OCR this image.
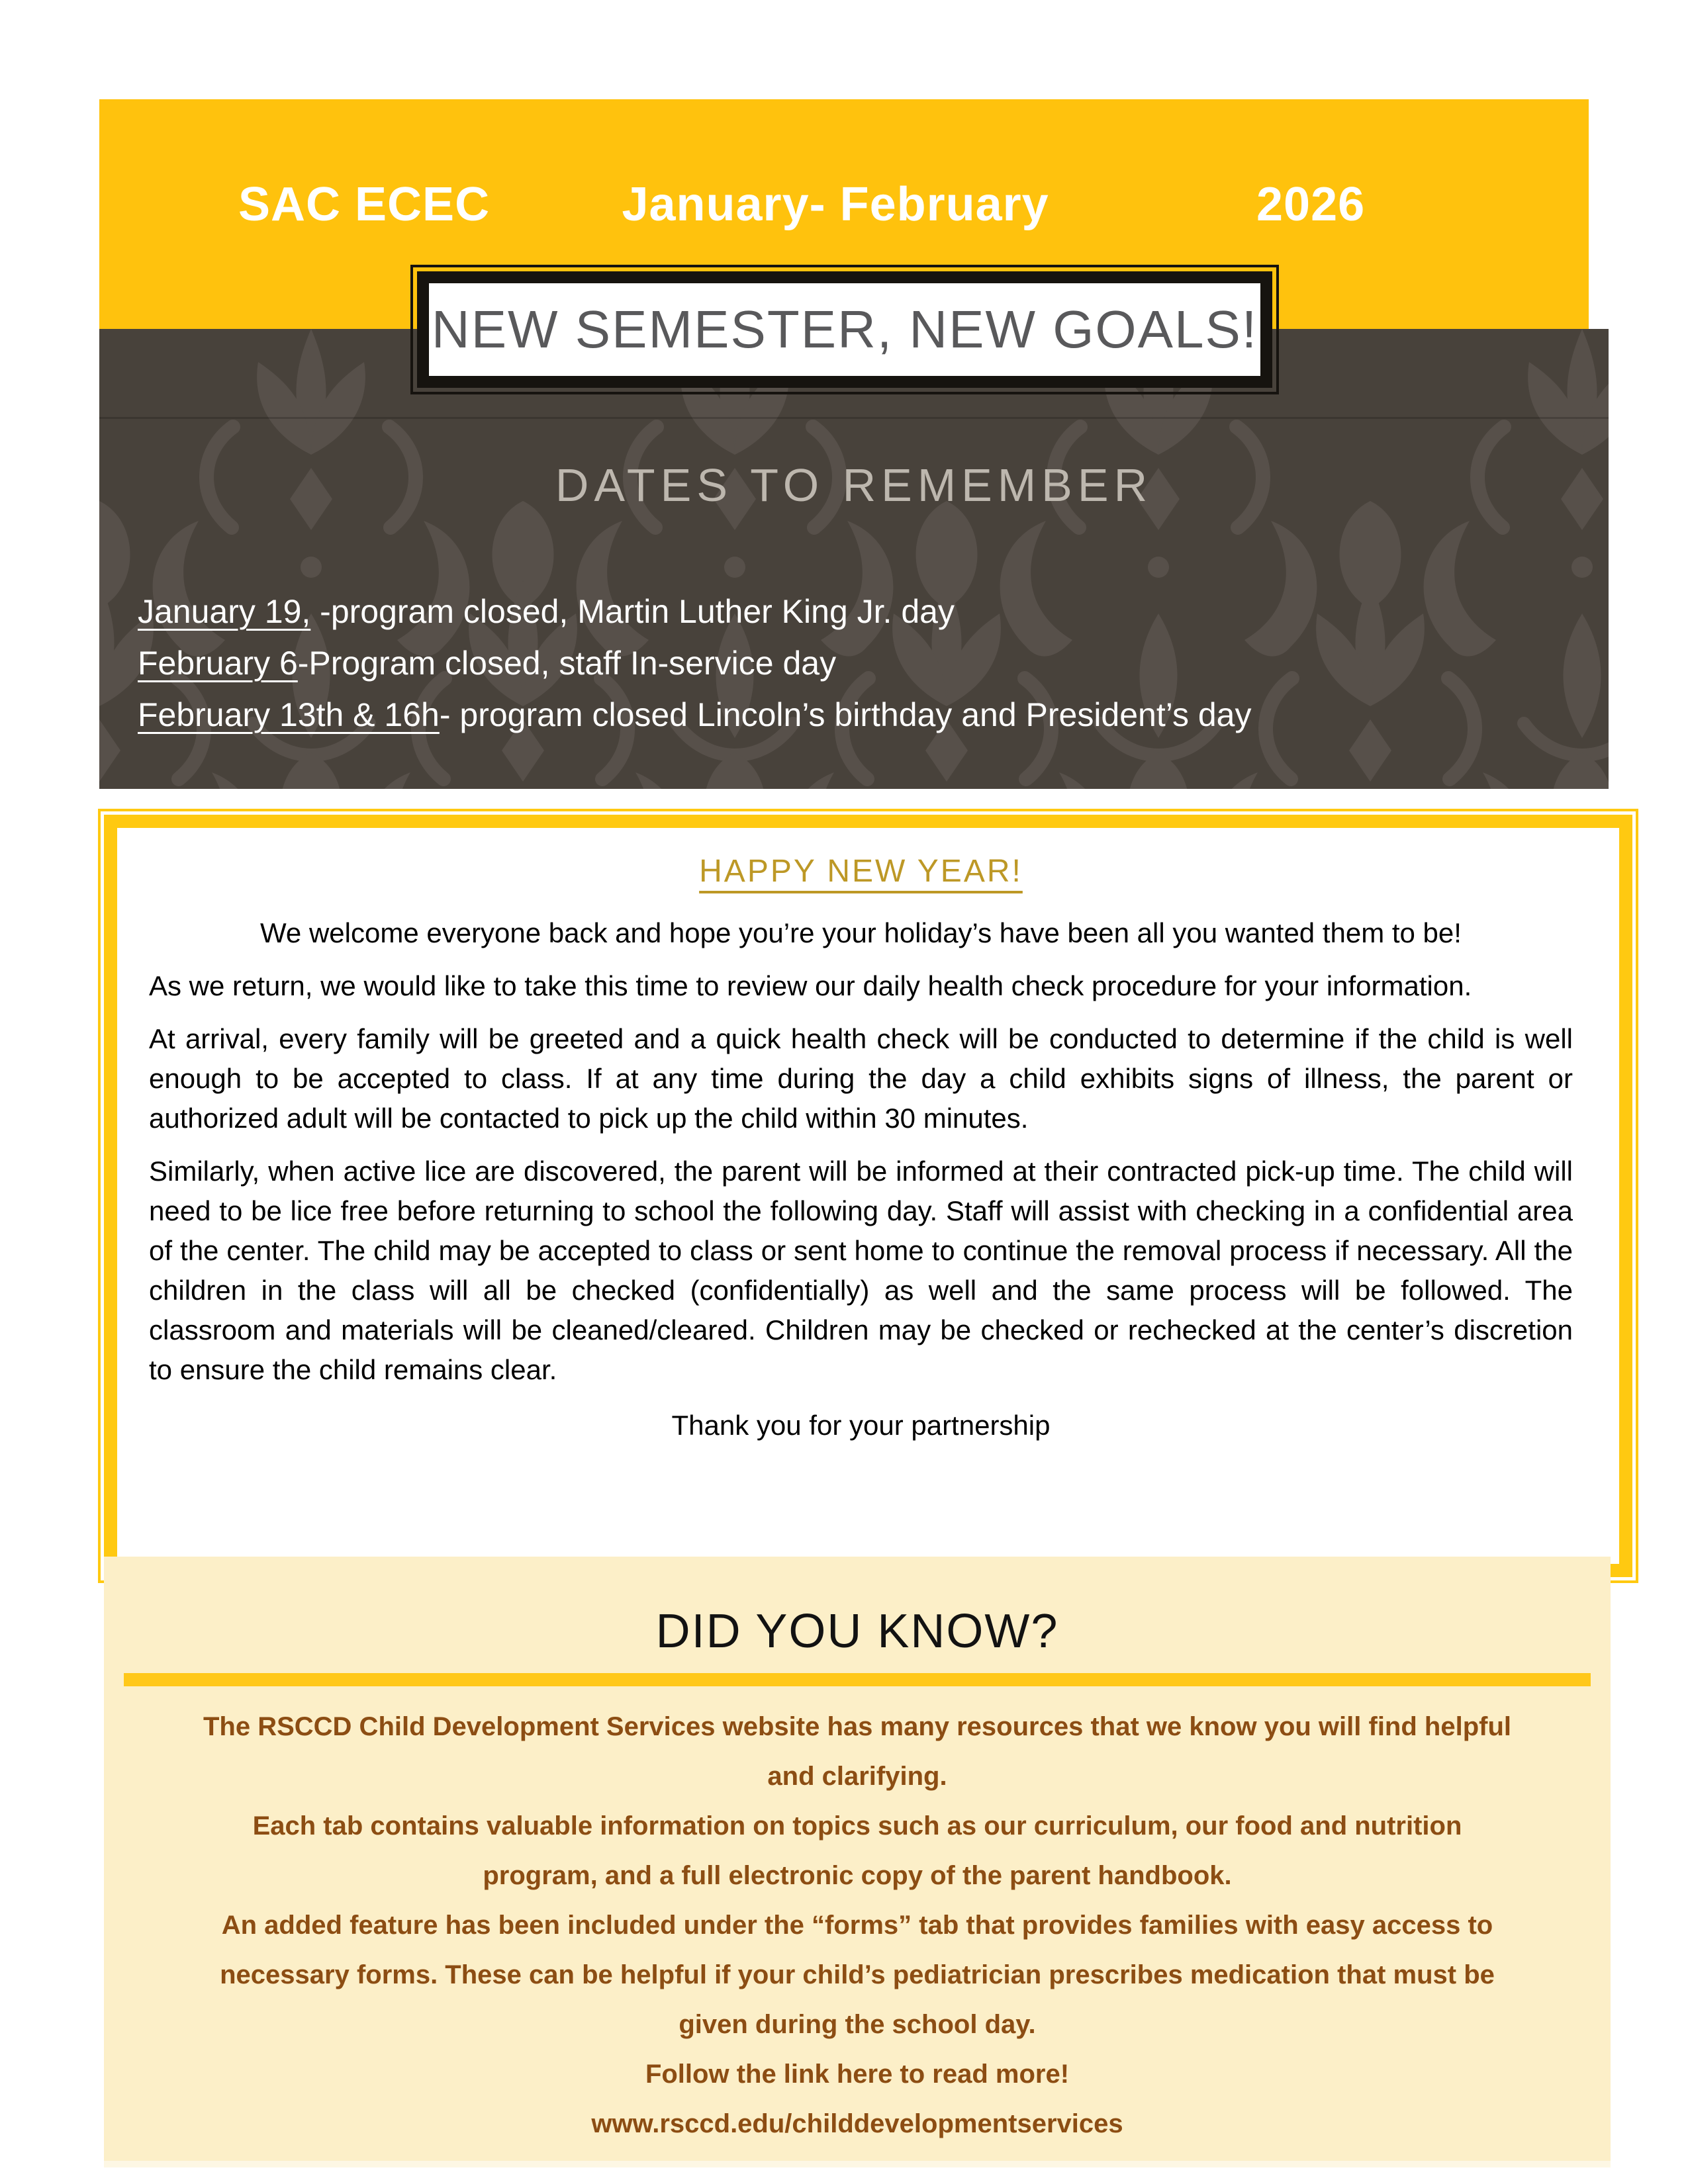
SAC ECEC	January- February	2026
DATES TO REMEMBER
January 19, -program closed, Martin Luther King Jr. day
February 6-Program closed, staff In-service day
February 13th & 16h- program closed Lincoln’s birthday and President’s day
NEW SEMESTER, NEW GOALS!
HAPPY NEW YEAR!
We welcome everyone back and hope you’re your holiday’s have been all you wanted them to be!
As we return, we would like to take this time to review our daily health check procedure for your information.
At arrival, every family will be greeted and a quick health check will be conducted to determine if the child is well enough to be accepted to class. If at any time during the day a child exhibits signs of illness, the parent or authorized adult will be contacted to pick up the child within 30 minutes.
Similarly, when active lice are discovered, the parent will be informed at their contracted pick-up time. The child will need to be lice free before returning to school the following day. Staff will assist with checking in a confidential area of the center. The child may be accepted to class or sent home to continue the removal process if necessary. All the children in the class will all be checked (confidentially) as well and the same process will be followed. The classroom and materials will be cleaned/cleared. Children may be checked or rechecked at the center’s discretion to ensure the child remains clear.
Thank you for your partnership
DID YOU KNOW?
The RSCCD Child Development Services website has many resources that we know you will find helpful
and clarifying.
Each tab contains valuable information on topics such as our curriculum, our food and nutrition
program, and a full electronic copy of the parent handbook.
An added feature has been included under the “forms” tab that provides families with easy access to
necessary forms. These can be helpful if your child’s pediatrician prescribes medication that must be
given during the school day.
Follow the link here to read more!
www.rsccd.edu/childdevelopmentservices
